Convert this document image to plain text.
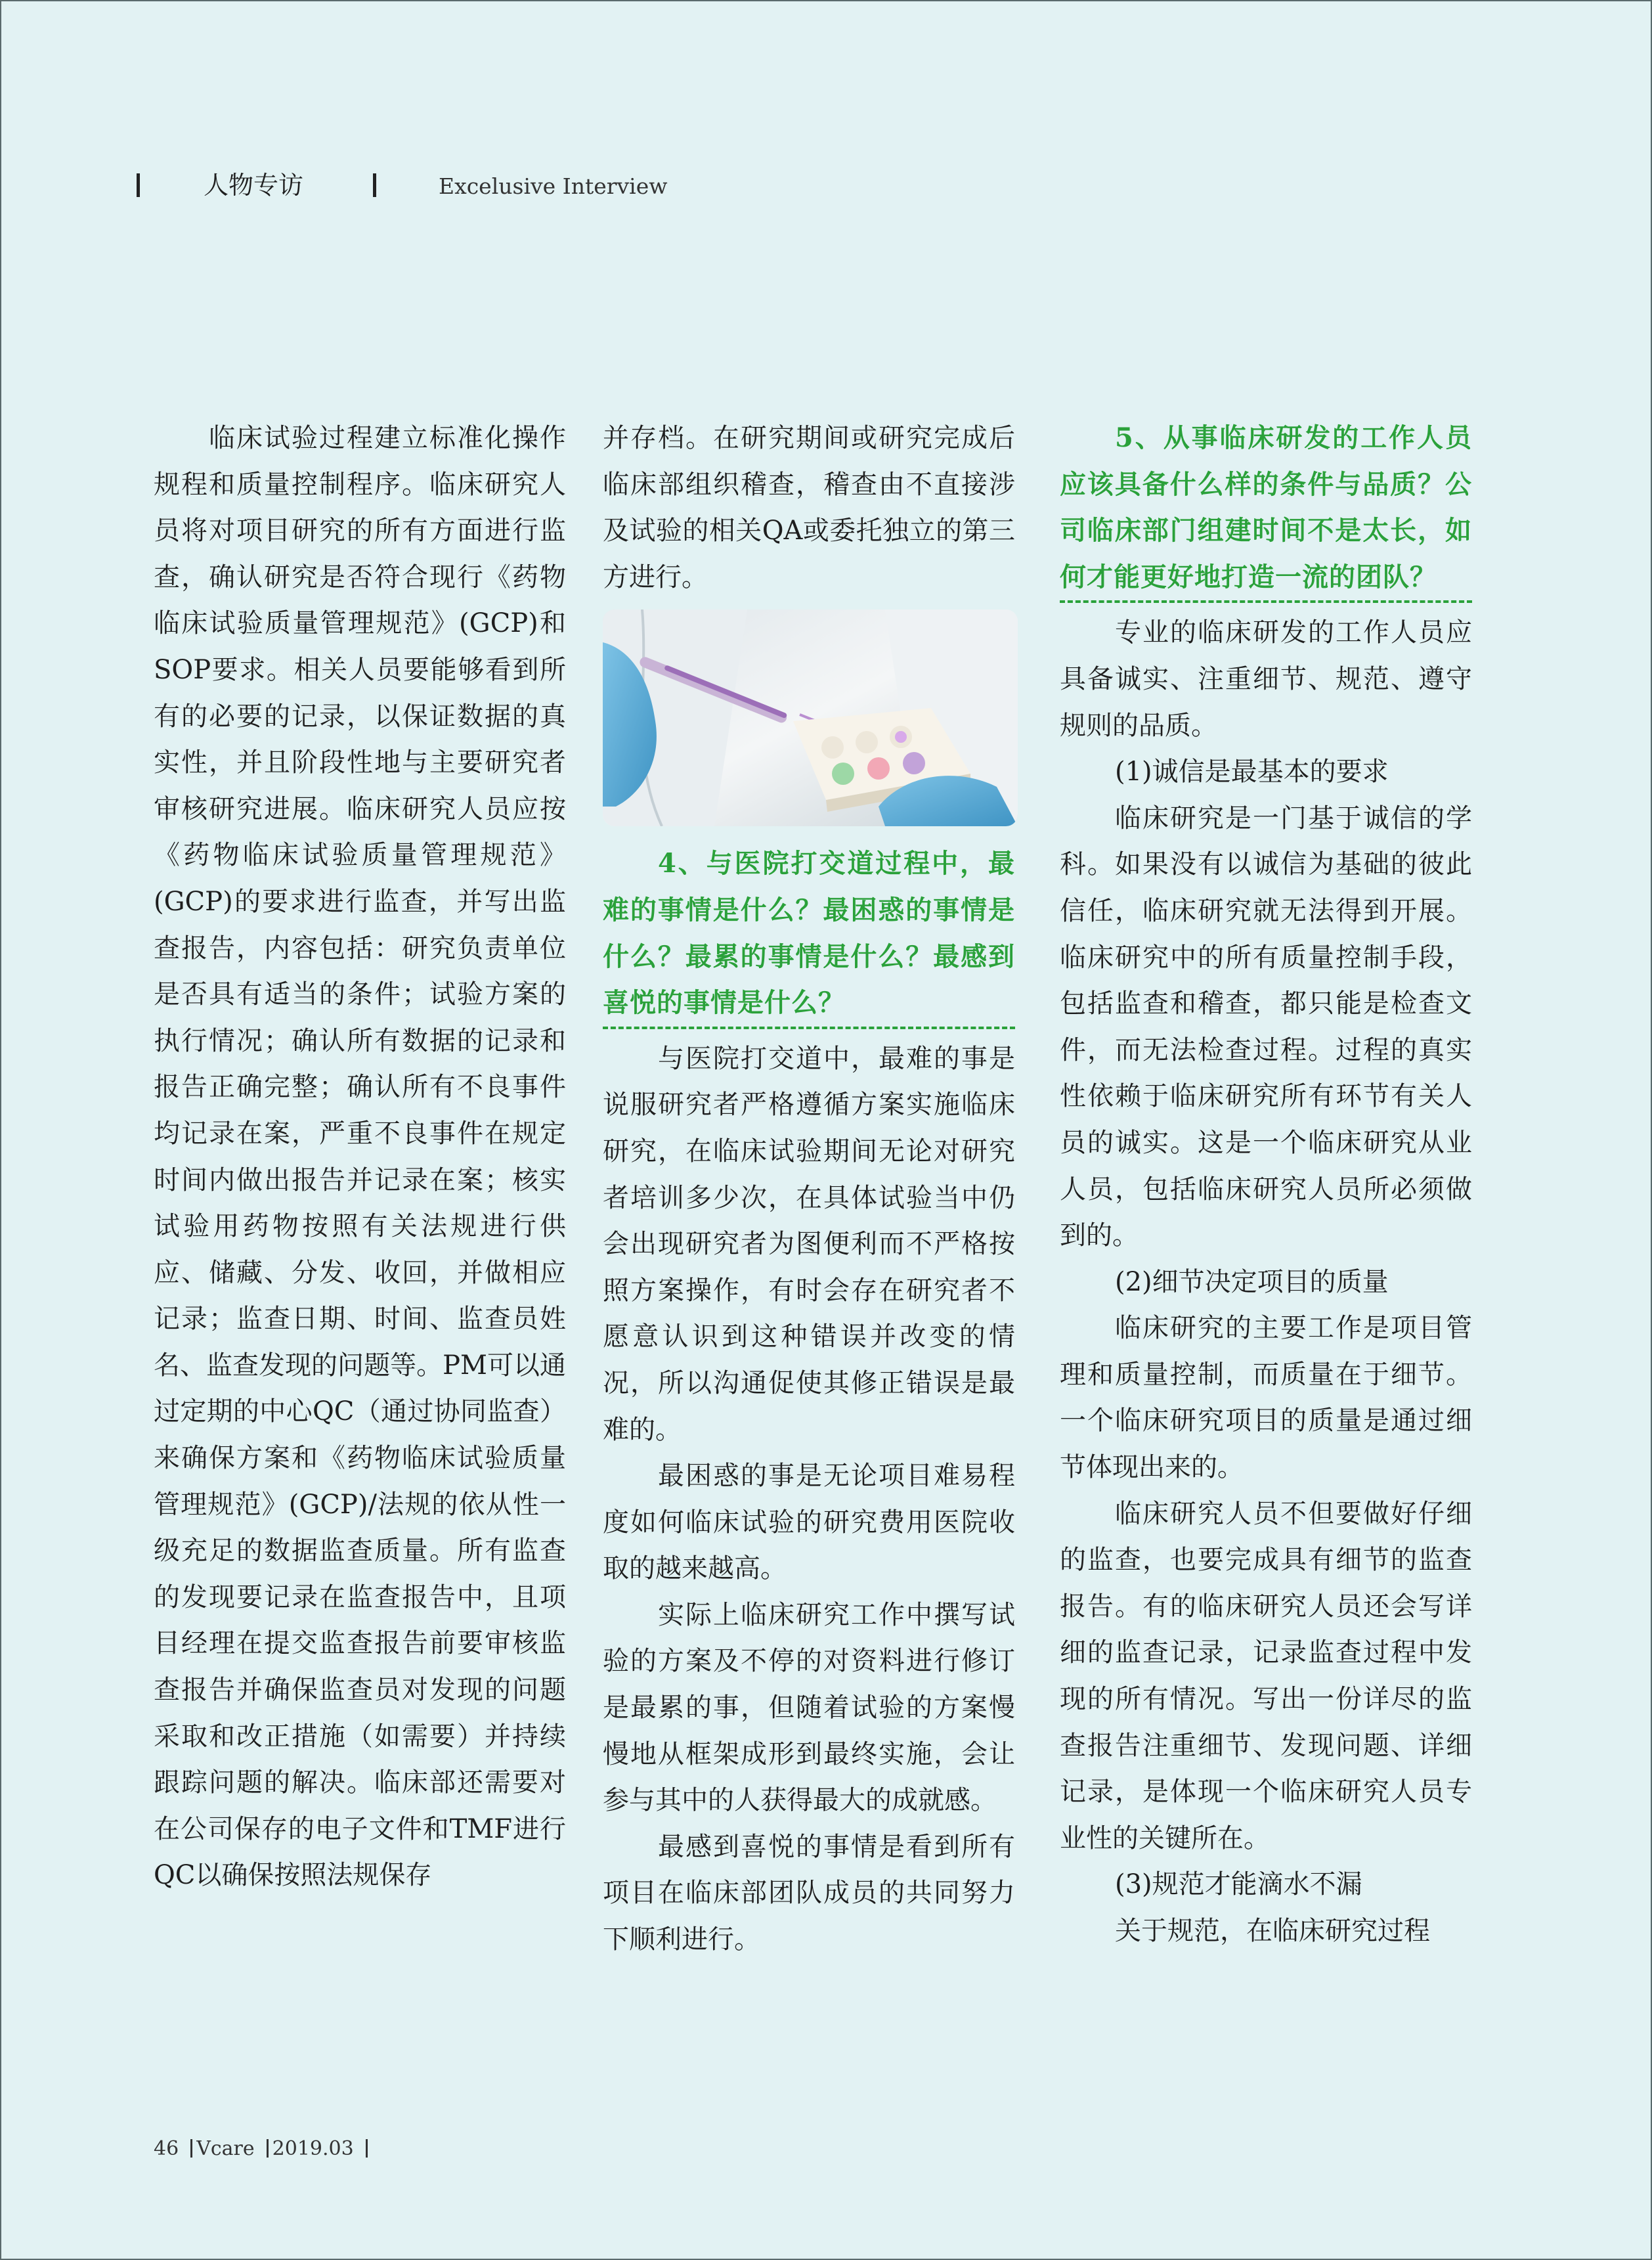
人物专访	Excelusive Interview

临床试验过程建立标准化操作规程和质量控制程序。临床研究人员将对项目研究的所有方面进行监查，确认研究是否符合现行《药物临床试验质量管理规范》(GCP)和SOP要求。相关人员要能够看到所有的必要的记录，以保证数据的真实性，并且阶段性地与主要研究者审核研究进展。临床研究人员应按《药物临床试验质量管理规范》(GCP)的要求进行监查，并写出监查报告，内容包括：研究负责单位是否具有适当的条件；试验方案的执行情况；确认所有数据的记录和报告正确完整；确认所有不良事件均记录在案，严重不良事件在规定时间内做出报告并记录在案；核实试验用药物按照有关法规进行供应、储藏、分发、收回，并做相应记录；监查日期、时间、监查员姓名、监查发现的问题等。PM可以通过定期的中心QC（通过协同监查）来确保方案和《药物临床试验质量管理规范》(GCP)/法规的依从性一级充足的数据监查质量。所有监查的发现要记录在监查报告中，且项目经理在提交监查报告前要审核监查报告并确保监查员对发现的问题采取和改正措施（如需要）并持续跟踪问题的解决。临床部还需要对在公司保存的电子文件和TMF进行QC以确保按照法规保存

并存档。在研究期间或研究完成后临床部组织稽查，稽查由不直接涉及试验的相关QA或委托独立的第三方进行。

4、与医院打交道过程中，最难的事情是什么？最困惑的事情是什么？最累的事情是什么？最感到喜悦的事情是什么？

与医院打交道中，最难的事是说服研究者严格遵循方案实施临床研究，在临床试验期间无论对研究者培训多少次，在具体试验当中仍会出现研究者为图便利而不严格按照方案操作，有时会存在研究者不愿意认识到这种错误并改变的情况，所以沟通促使其修正错误是最难的。

最困惑的事是无论项目难易程度如何临床试验的研究费用医院收取的越来越高。

实际上临床研究工作中撰写试验的方案及不停的对资料进行修订是最累的事，但随着试验的方案慢慢地从框架成形到最终实施，会让参与其中的人获得最大的成就感。

最感到喜悦的事情是看到所有项目在临床部团队成员的共同努力下顺利进行。

5、从事临床研发的工作人员应该具备什么样的条件与品质？公司临床部门组建时间不是太长，如何才能更好地打造一流的团队？

专业的临床研发的工作人员应具备诚实、注重细节、规范、遵守规则的品质。

(1)诚信是最基本的要求

临床研究是一门基于诚信的学科。如果没有以诚信为基础的彼此信任，临床研究就无法得到开展。临床研究中的所有质量控制手段，包括监查和稽查，都只能是检查文件，而无法检查过程。过程的真实性依赖于临床研究所有环节有关人员的诚实。这是一个临床研究从业人员，包括临床研究人员所必须做到的。

(2)细节决定项目的质量

临床研究的主要工作是项目管理和质量控制，而质量在于细节。一个临床研究项目的质量是通过细节体现出来的。

临床研究人员不但要做好仔细的监查，也要完成具有细节的监查报告。有的临床研究人员还会写详细的监查记录，记录监查过程中发现的所有情况。写出一份详尽的监查报告注重细节、发现问题、详细记录，是体现一个临床研究人员专业性的关键所在。

(3)规范才能滴水不漏

关于规范，在临床研究过程

46 Vcare 2019.03
